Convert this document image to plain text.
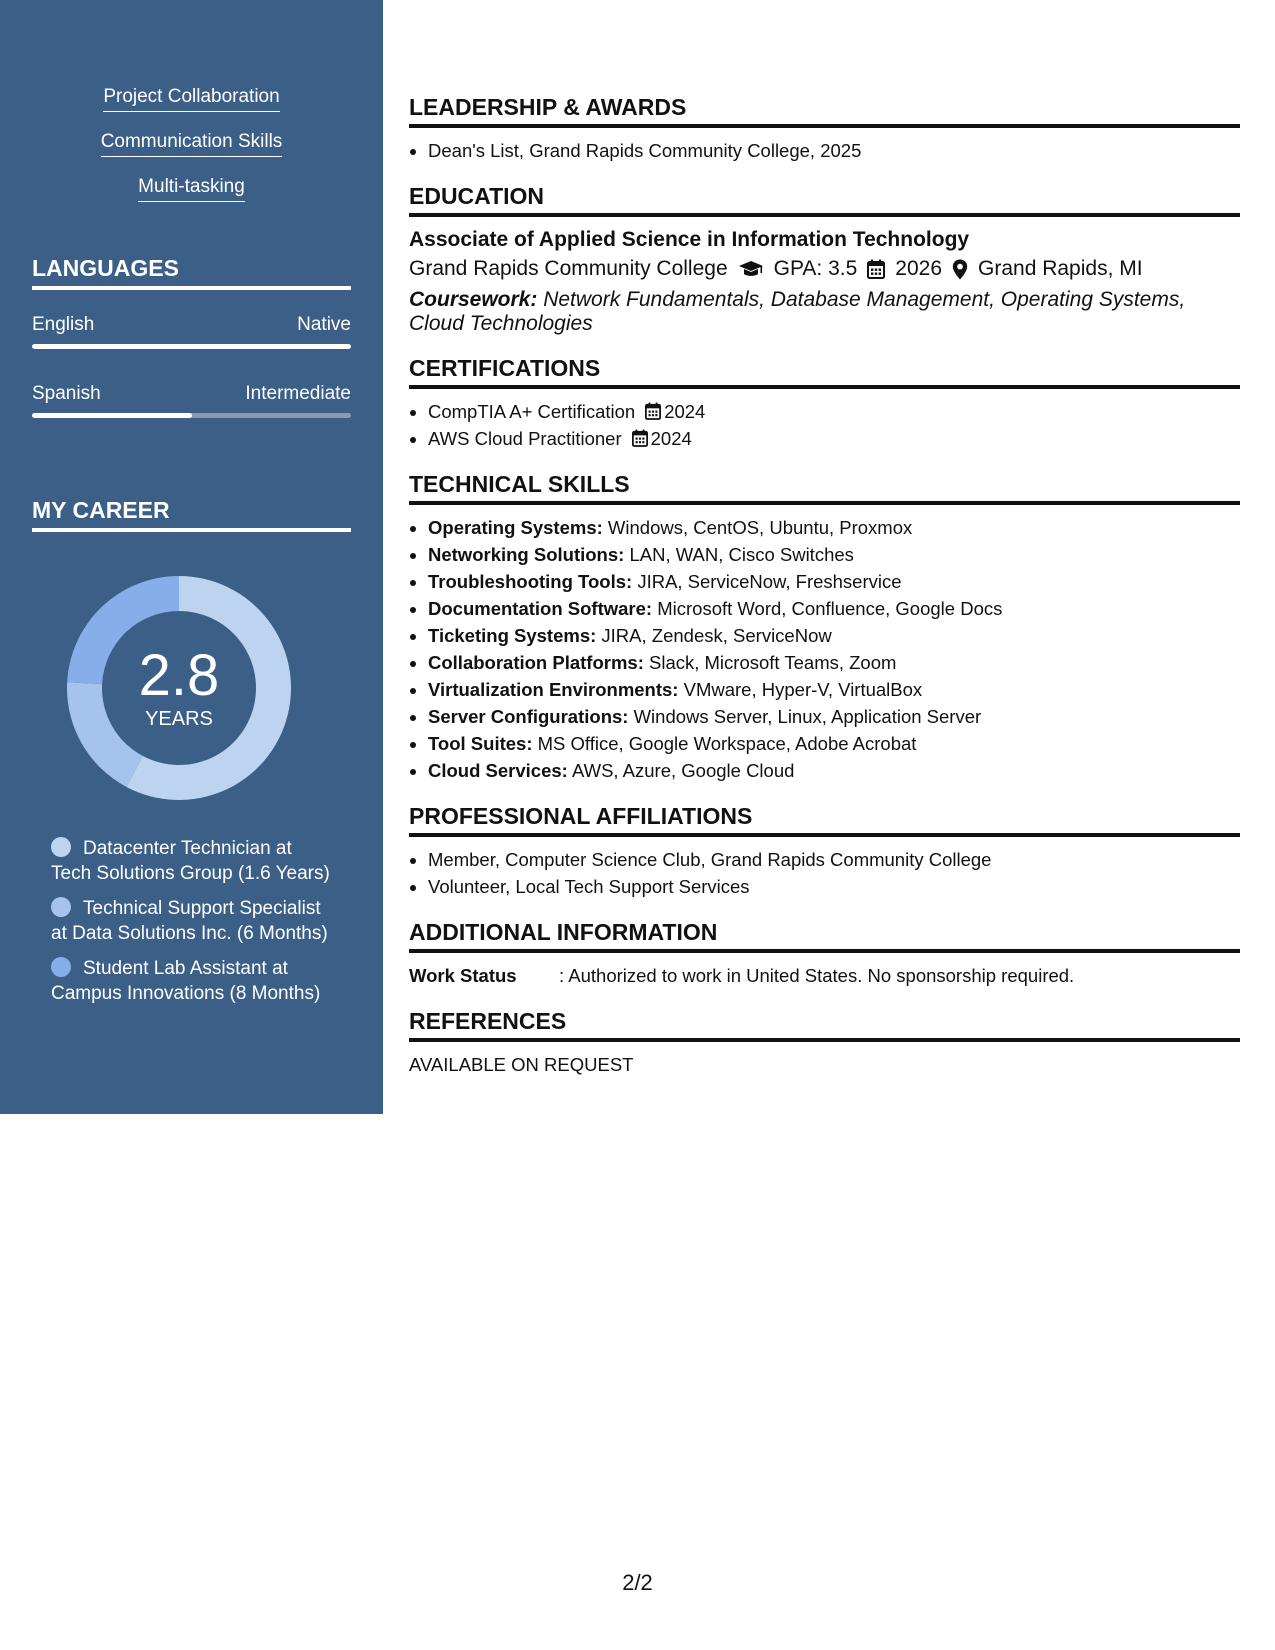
Project Collaboration
Communication Skills
Multi-tasking
LANGUAGES
English	Native
Spanish	Intermediate
MY CAREER
2.8
YEARS
Datacenter Technician at
Tech Solutions Group (1.6 Years)
Technical Support Specialist
at Data Solutions Inc. (6 Months)
Student Lab Assistant at
Campus Innovations (8 Months)
LEADERSHIP & AWARDS
• Dean's List, Grand Rapids Community College, 2025
EDUCATION
Associate of Applied Science in Information Technology
Grand Rapids Community College GPA: 3.5 2026 Grand Rapids, MI
Coursework: Network Fundamentals, Database Management, Operating Systems, Cloud Technologies
CERTIFICATIONS
• CompTIA A+ Certification 2024
• AWS Cloud Practitioner 2024
TECHNICAL SKILLS
• Operating Systems: Windows, CentOS, Ubuntu, Proxmox
• Networking Solutions: LAN, WAN, Cisco Switches
• Troubleshooting Tools: JIRA, ServiceNow, Freshservice
• Documentation Software: Microsoft Word, Confluence, Google Docs
• Ticketing Systems: JIRA, Zendesk, ServiceNow
• Collaboration Platforms: Slack, Microsoft Teams, Zoom
• Virtualization Environments: VMware, Hyper-V, VirtualBox
• Server Configurations: Windows Server, Linux, Application Server
• Tool Suites: MS Office, Google Workspace, Adobe Acrobat
• Cloud Services: AWS, Azure, Google Cloud
PROFESSIONAL AFFILIATIONS
• Member, Computer Science Club, Grand Rapids Community College
• Volunteer, Local Tech Support Services
ADDITIONAL INFORMATION
Work Status	: Authorized to work in United States. No sponsorship required.
REFERENCES
AVAILABLE ON REQUEST
2/2
